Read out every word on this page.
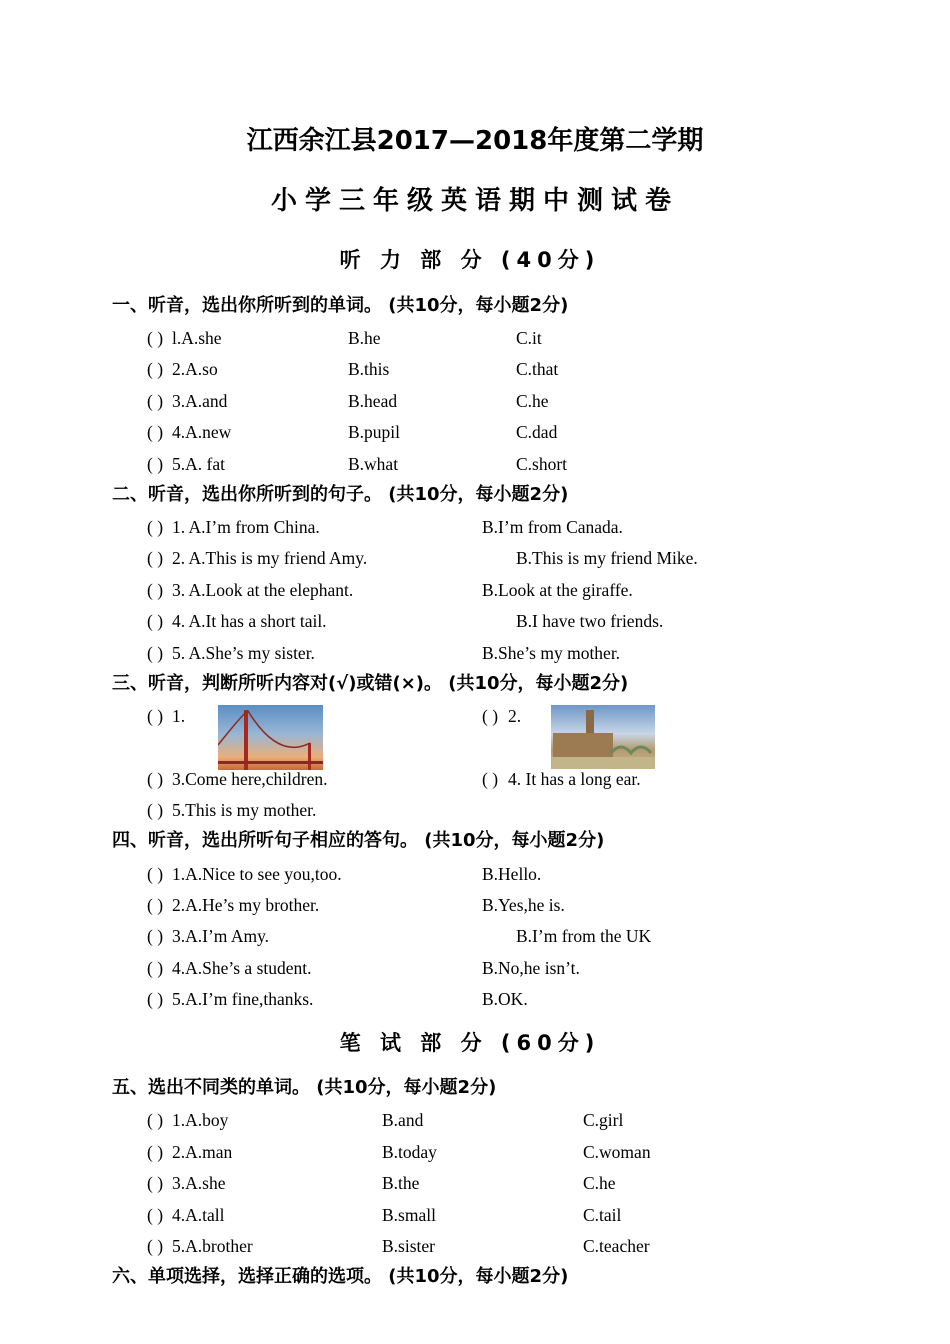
江西余江县2017—2018年度第二学期
小学三年级英语期中测试卷
听 力 部 分 (40分)
笔 试 部 分 (60分)
一、听音，选出你所听到的单词。 (共10分，每小题2分)
( ) l.A.she	B.he	C.it
( ) 2.A.so	B.this	C.that
( ) 3.A.and	B.head	C.he
( ) 4.A.new	B.pupil	C.dad
( ) 5.A. fat	B.what	C.short
二、听音，选出你所听到的句子。 (共10分，每小题2分)
( ) 1. A.I’m from China.	B.I’m from Canada.
( ) 2. A.This is my friend Amy.	B.This is my friend Mike.
( ) 3. A.Look at the elephant.	B.Look at the giraffe.
( ) 4. A.It has a short tail.	B.I have two friends.
( ) 5. A.She’s my sister.	B.She’s my mother.
三、听音，判断所听内容对(√)或错(×)。 (共10分，每小题2分)
( ) 1.	( ) 2.
( ) 3.Come here,children.	( ) 4. It has a long ear.
( ) 5.This is my mother.
四、听音，选出所听句子相应的答句。 (共10分，每小题2分)
( ) 1.A.Nice to see you,too.	B.Hello.
( ) 2.A.He’s my brother.	B.Yes,he is.
( ) 3.A.I’m Amy.	B.I’m from the UK
( ) 4.A.She’s a student.	B.No,he isn’t.
( ) 5.A.I’m fine,thanks.	B.OK.
五、选出不同类的单词。 (共10分，每小题2分)
( ) 1.A.boy	B.and	C.girl
( ) 2.A.man	B.today	C.woman
( ) 3.A.she	B.the	C.he
( ) 4.A.tall	B.small	C.tail
( ) 5.A.brother	B.sister	C.teacher
六、单项选择，选择正确的选项。 (共10分，每小题2分)
